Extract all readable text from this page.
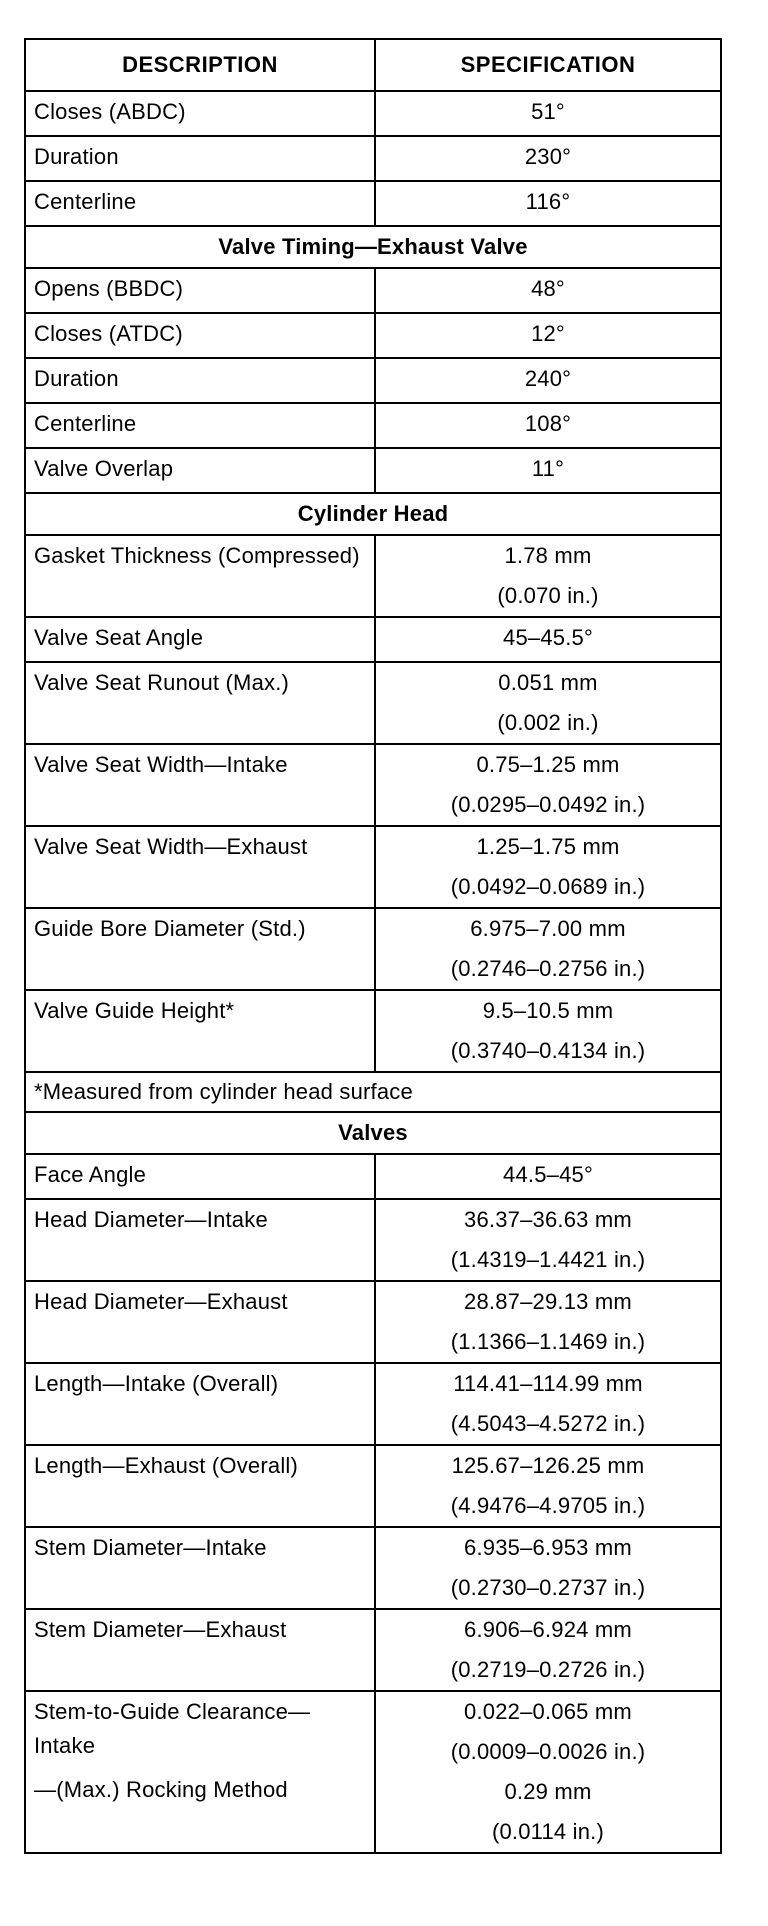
DESCRIPTION	SPECIFICATION
Closes (ABDC)	51°

Duration	230°

Centerline	116°

Valve Timing—Exhaust Valve	
Opens (BBDC)	48°

Closes (ATDC)	12°

Duration	240°

Centerline	108°

Valve Overlap	11°

Cylinder Head	
Gasket Thickness (Compressed)	1.78 mm
(0.070 in.)

Valve Seat Angle	45–45.5°

Valve Seat Runout (Max.)	0.051 mm
(0.002 in.)

Valve Seat Width—Intake	0.75–1.25 mm
(0.0295–0.0492 in.)

Valve Seat Width—Exhaust	1.25–1.75 mm
(0.0492–0.0689 in.)

Guide Bore Diameter (Std.)	6.975–7.00 mm
(0.2746–0.2756 in.)

Valve Guide Height*	9.5–10.5 mm
(0.3740–0.4134 in.)

*Measured from cylinder head surface	
Valves	
Face Angle	44.5–45°

Head Diameter—Intake	36.37–36.63 mm
(1.4319–1.4421 in.)

Head Diameter—Exhaust	28.87–29.13 mm
(1.1366–1.1469 in.)

Length—Intake (Overall)	114.41–114.99 mm
(4.5043–4.5272 in.)

Length—Exhaust (Overall)	125.67–126.25 mm
(4.9476–4.9705 in.)

Stem Diameter—Intake	6.935–6.953 mm
(0.2730–0.2737 in.)

Stem Diameter—Exhaust	6.906–6.924 mm
(0.2719–0.2726 in.)

Stem-to-Guide Clearance—Intake
—(Max.) Rocking Method	0.022–0.065 mm
(0.0009–0.0026 in.)
0.29 mm
(0.0114 in.)
